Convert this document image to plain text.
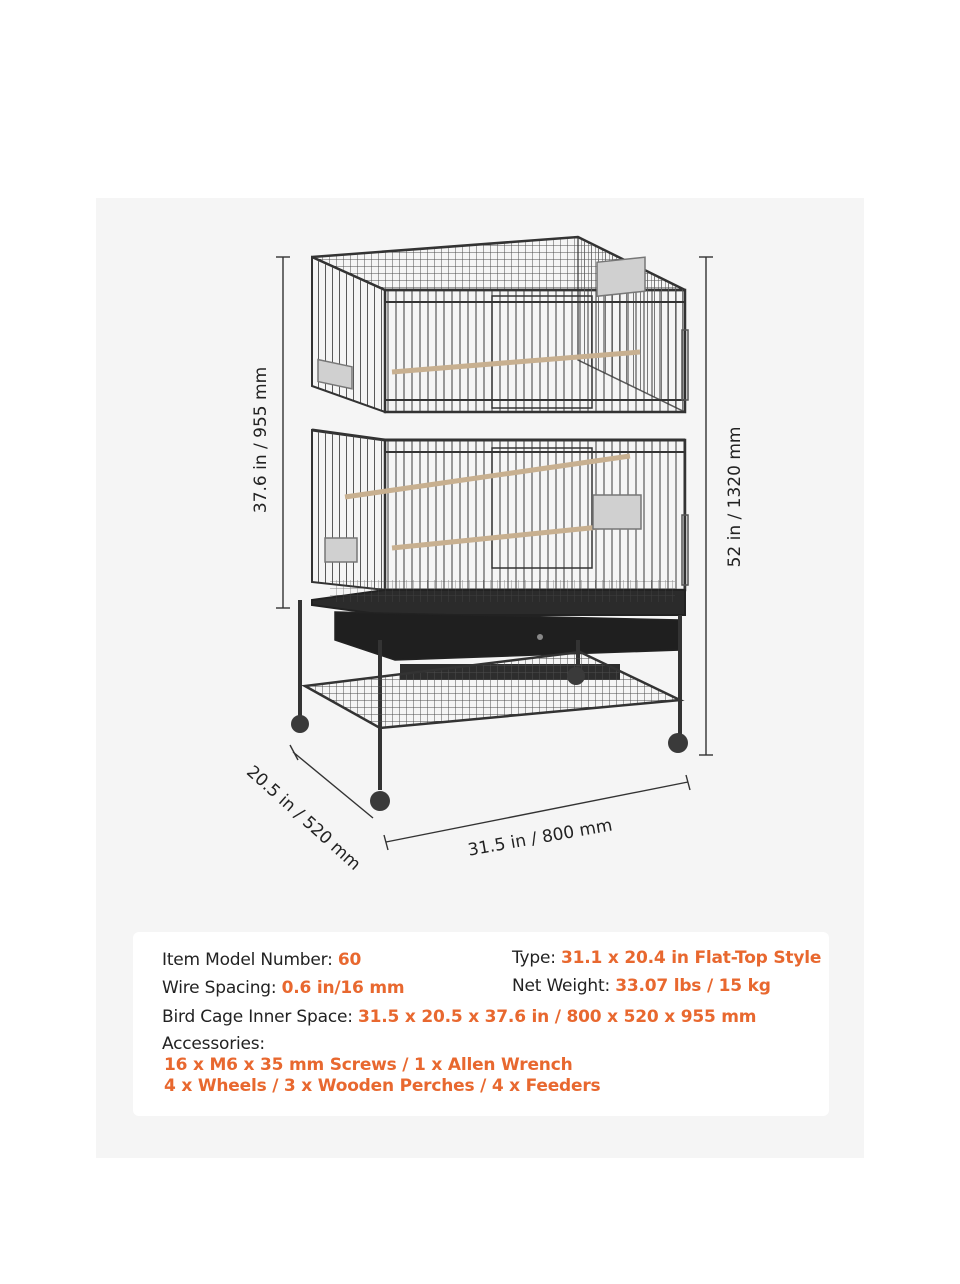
37.6 in / 955 mm	52 in / 1320 mm
20.5 in / 520 mm	31.5 in / 800 mm
Item Model Number: 60	Type: 31.1 x 20.4 in Flat-Top Style
Wire Spacing: 0.6 in/16 mm	Net Weight: 33.07 lbs / 15 kg
Bird Cage Inner Space: 31.5 x 20.5 x 37.6 in / 800 x 520 x 955 mm
Accessories:
16 x M6 x 35 mm Screws / 1 x Allen Wrench
4 x Wheels / 3 x Wooden Perches / 4 x Feeders
